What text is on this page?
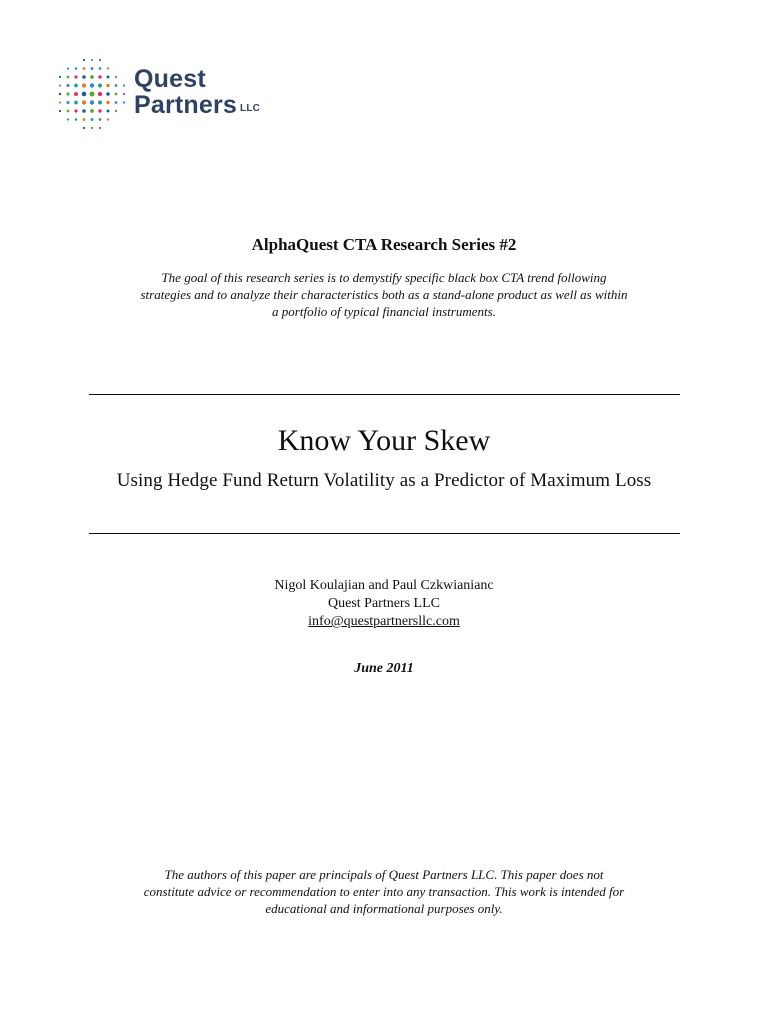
Quest
Partners LLC
AlphaQuest CTA Research Series #2
The goal of this research series is to demystify specific black box CTA trend following
strategies and to analyze their characteristics both as a stand-alone product as well as within
a portfolio of typical financial instruments.
Know Your Skew
Using Hedge Fund Return Volatility as a Predictor of Maximum Loss
Nigol Koulajian and Paul Czkwianianc
Quest Partners LLC
info@questpartnersllc.com
June 2011
The authors of this paper are principals of Quest Partners LLC. This paper does not
constitute advice or recommendation to enter into any transaction. This work is intended for
educational and informational purposes only.
